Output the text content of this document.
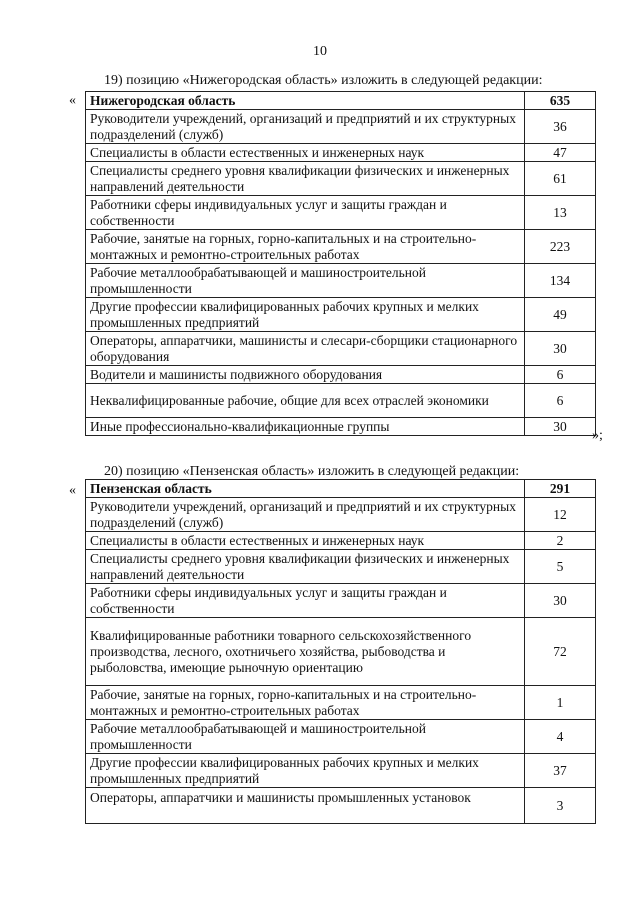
10
19) позицию «Нижегородская область» изложить в следующей редакции:
« Нижегородская область	635
Руководители учреждений, организаций и предприятий и их структурных подразделений (служб)	36
Специалисты в области естественных и инженерных наук	47
Специалисты среднего уровня квалификации физических и инженерных направлений деятельности	61
Работники сферы индивидуальных услуг и защиты граждан и собственности	13
Рабочие, занятые на горных, горно-капитальных и на строительно-монтажных и ремонтно-строительных работах	223
Рабочие металлообрабатывающей и машиностроительной промышленности	134
Другие профессии квалифицированных рабочих крупных и мелких промышленных предприятий	49
Операторы, аппаратчики, машинисты и слесари-сборщики стационарного оборудования	30
Водители и машинисты подвижного оборудования	6
Неквалифицированные рабочие, общие для всех отраслей экономики	6
Иные профессионально-квалификационные группы	30
»;
20) позицию «Пензенская область» изложить в следующей редакции:
« Пензенская область	291
Руководители учреждений, организаций и предприятий и их структурных подразделений (служб)	12
Специалисты в области естественных и инженерных наук	2
Специалисты среднего уровня квалификации физических и инженерных направлений деятельности	5
Работники сферы индивидуальных услуг и защиты граждан и собственности	30
Квалифицированные работники товарного сельскохозяйственного производства, лесного, охотничьего хозяйства, рыбоводства и рыболовства, имеющие рыночную ориентацию	72
Рабочие, занятые на горных, горно-капитальных и на строительно-монтажных и ремонтно-строительных работах	1
Рабочие металлообрабатывающей и машиностроительной промышленности	4
Другие профессии квалифицированных рабочих крупных и мелких промышленных предприятий	37
Операторы, аппаратчики и машинисты промышленных установок	3
